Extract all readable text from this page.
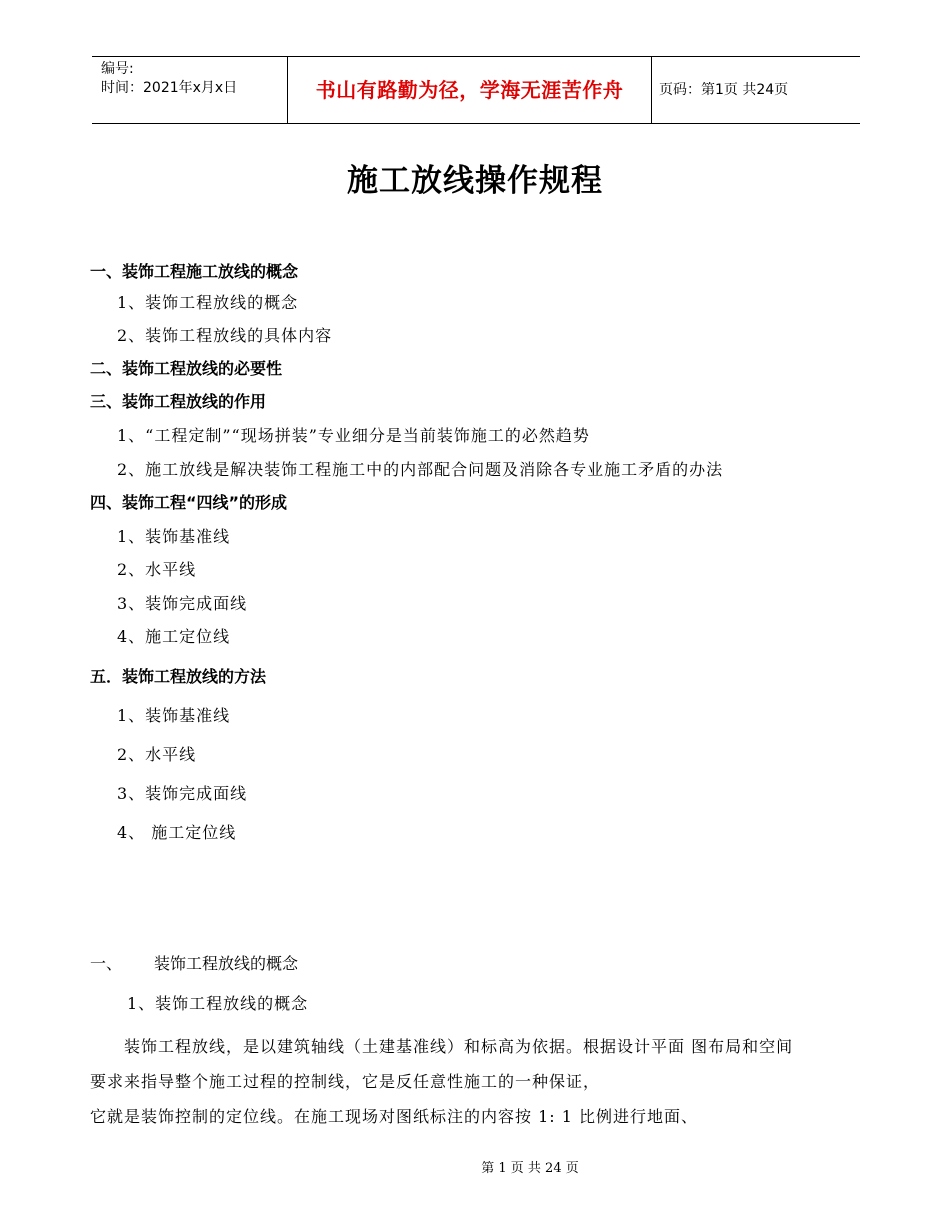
编号:
时间：2021年x月x日	书山有路勤为径，学海无涯苦作舟	页码：第1页 共24页
施工放线操作规程
一、装饰工程施工放线的概念
1、装饰工程放线的概念
2、装饰工程放线的具体内容
二、装饰工程放线的必要性
三、装饰工程放线的作用
1、“工程定制”“现场拼装”专业细分是当前装饰施工的必然趋势
2、施工放线是解决装饰工程施工中的内部配合问题及消除各专业施工矛盾的办法
四、装饰工程“四线”的形成
1、装饰基准线
2、水平线
3、装饰完成面线
4、施工定位线
五．装饰工程放线的方法
1、装饰基准线
2、水平线
3、装饰完成面线
4、 施工定位线
一、 装饰工程放线的概念
1、装饰工程放线的概念
装饰工程放线，是以建筑轴线（土建基准线）和标高为依据。根据设计平面 图布局和空间
要求来指导整个施工过程的控制线，它是反任意性施工的一种保证，
它就是装饰控制的定位线。在施工现场对图纸标注的内容按 1: 1 比例进行地面、
第 1 页 共 24 页
